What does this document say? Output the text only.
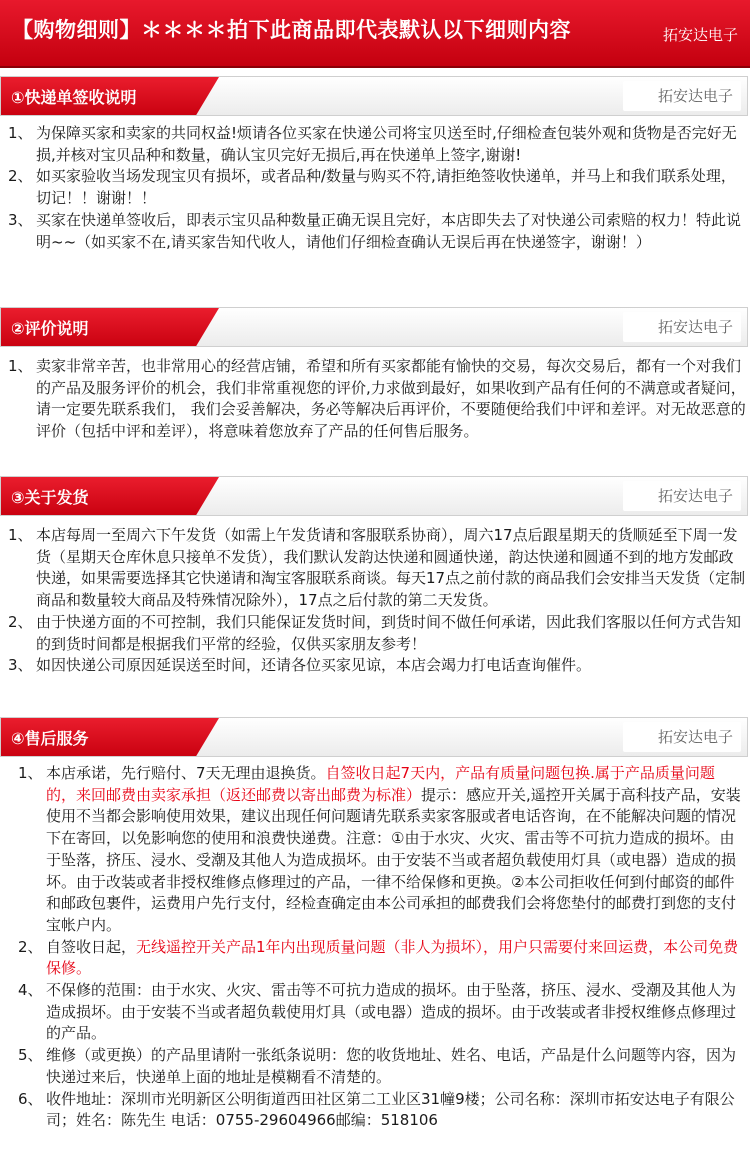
【购物细则】＊＊＊＊拍下此商品即代表默认以下细则内容	拓安达电子
①快递单签收说明	拓安达电子
1、 为保障买家和卖家的共同权益!烦请各位买家在快递公司将宝贝送至时,仔细检查包装外观和货物是否完好无损,并核对宝贝品种和数量，确认宝贝完好无损后,再在快递单上签字,谢谢!
2、 如买家验收当场发现宝贝有损坏，或者品种/数量与购买不符,请拒绝签收快递单，并马上和我们联系处理，切记！！谢谢！！
3、 买家在快递单签收后，即表示宝贝品种数量正确无误且完好，本店即失去了对快递公司索赔的权力！特此说明~~（如买家不在,请买家告知代收人，请他们仔细检查确认无误后再在快递签字，谢谢！）
②评价说明	拓安达电子
1、 卖家非常辛苦，也非常用心的经营店铺，希望和所有买家都能有愉快的交易，每次交易后，都有一个对我们的产品及服务评价的机会，我们非常重视您的评价,力求做到最好，如果收到产品有任何的不满意或者疑问，请一定要先联系我们， 我们会妥善解决，务必等解决后再评价，不要随便给我们中评和差评。对无故恶意的评价（包括中评和差评），将意味着您放弃了产品的任何售后服务。
③关于发货	拓安达电子
1、 本店每周一至周六下午发货（如需上午发货请和客服联系协商），周六17点后跟星期天的货顺延至下周一发货（星期天仓库休息只接单不发货），我们默认发韵达快递和圆通快递，韵达快递和圆通不到的地方发邮政快递，如果需要选择其它快递请和淘宝客服联系商谈。每天17点之前付款的商品我们会安排当天发货（定制商品和数量较大商品及特殊情况除外），17点之后付款的第二天发货。
2、 由于快递方面的不可控制，我们只能保证发货时间，到货时间不做任何承诺，因此我们客服以任何方式告知的到货时间都是根据我们平常的经验，仅供买家朋友参考！
3、 如因快递公司原因延误送至时间，还请各位买家见谅，本店会竭力打电话查询催件。
④售后服务	拓安达电子
1、 本店承诺，先行赔付、7天无理由退换货。自签收日起7天内，产品有质量问题包换.属于产品质量问题的，来回邮费由卖家承担（返还邮费以寄出邮费为标准）提示：感应开关,遥控开关属于高科技产品，安装使用不当都会影响使用效果，建议出现任何问题请先联系卖家客服或者电话咨询，在不能解决问题的情况下在寄回，以免影响您的使用和浪费快递费。注意：①由于水灾、火灾、雷击等不可抗力造成的损坏。由于坠落，挤压、浸水、受潮及其他人为造成损坏。由于安装不当或者超负载使用灯具（或电器）造成的损坏。由于改装或者非授权维修点修理过的产品，一律不给保修和更换。②本公司拒收任何到付邮资的邮件和邮政包裹件，运费用户先行支付，经检查确定由本公司承担的邮费我们会将您垫付的邮费打到您的支付宝帐户内。
2、 自签收日起，无线遥控开关产品1年内出现质量问题（非人为损坏），用户只需要付来回运费，本公司免费保修。
4、 不保修的范围：由于水灾、火灾、雷击等不可抗力造成的损坏。由于坠落，挤压、浸水、受潮及其他人为造成损坏。由于安装不当或者超负载使用灯具（或电器）造成的损坏。由于改装或者非授权维修点修理过的产品。
5、 维修（或更换）的产品里请附一张纸条说明：您的收货地址、姓名、电话，产品是什么问题等内容，因为快递过来后，快递单上面的地址是模糊看不清楚的。
6、 收件地址：深圳市光明新区公明街道西田社区第二工业区31幢9楼；公司名称：深圳市拓安达电子有限公司；姓名：陈先生 电话：0755-29604966邮编：518106
